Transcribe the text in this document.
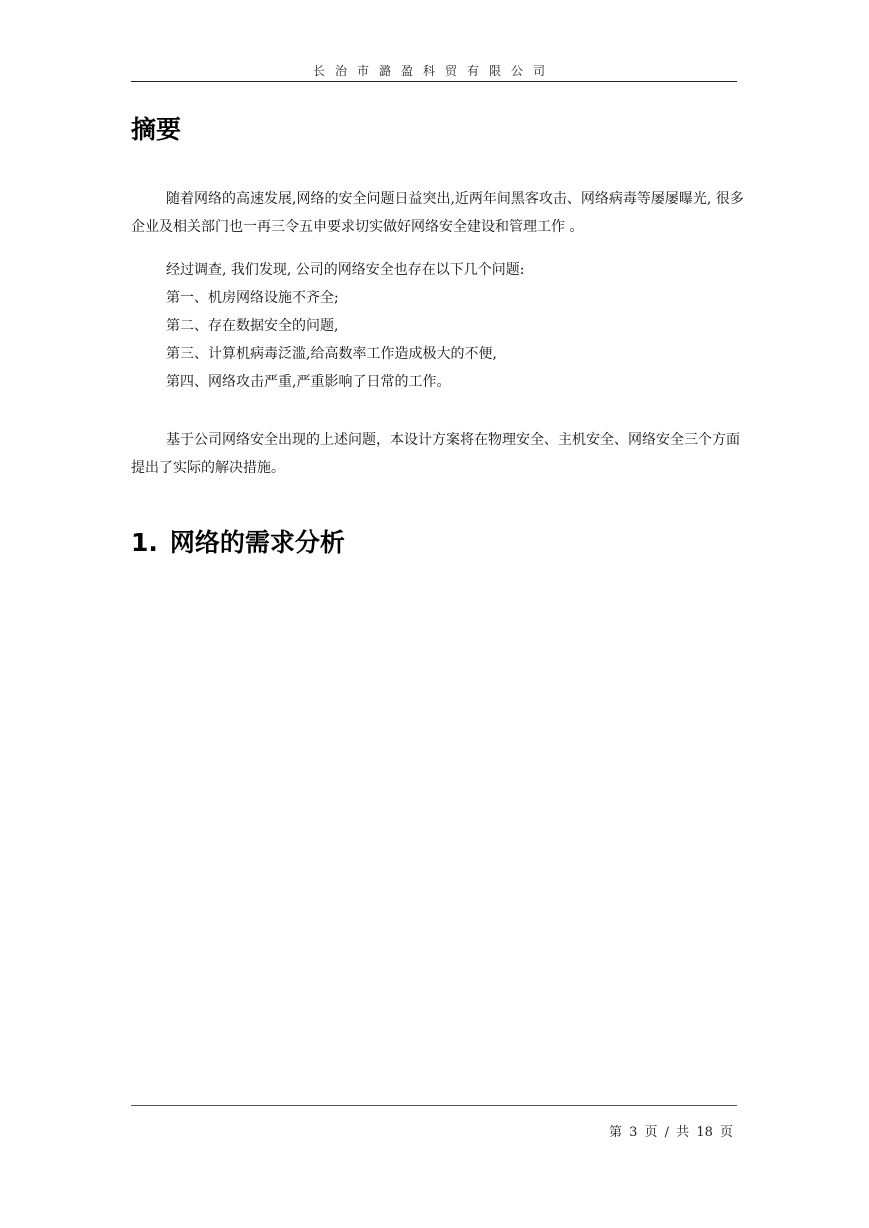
长治市潞盈科贸有限公司
摘要

随着网络的高速发展,网络的安全问题日益突出,近两年间黑客攻击、网络病毒等屡屡曝光, 很多企业及相关部门也一再三令五申要求切实做好网络安全建设和管理工作 。

经过调查, 我们发现, 公司的网络安全也存在以下几个问题:

第一、机房网络设施不齐全;

第二、存在数据安全的问题,

第三、计算机病毒泛滥,给高数率工作造成极大的不便,

第四、网络攻击严重,严重影响了日常的工作。

基于公司网络安全出现的上述问题，本设计方案将在物理安全、主机安全、网络安全三个方面提出了实际的解决措施。

1. 网络的需求分析
第 3 页 / 共 18 页
